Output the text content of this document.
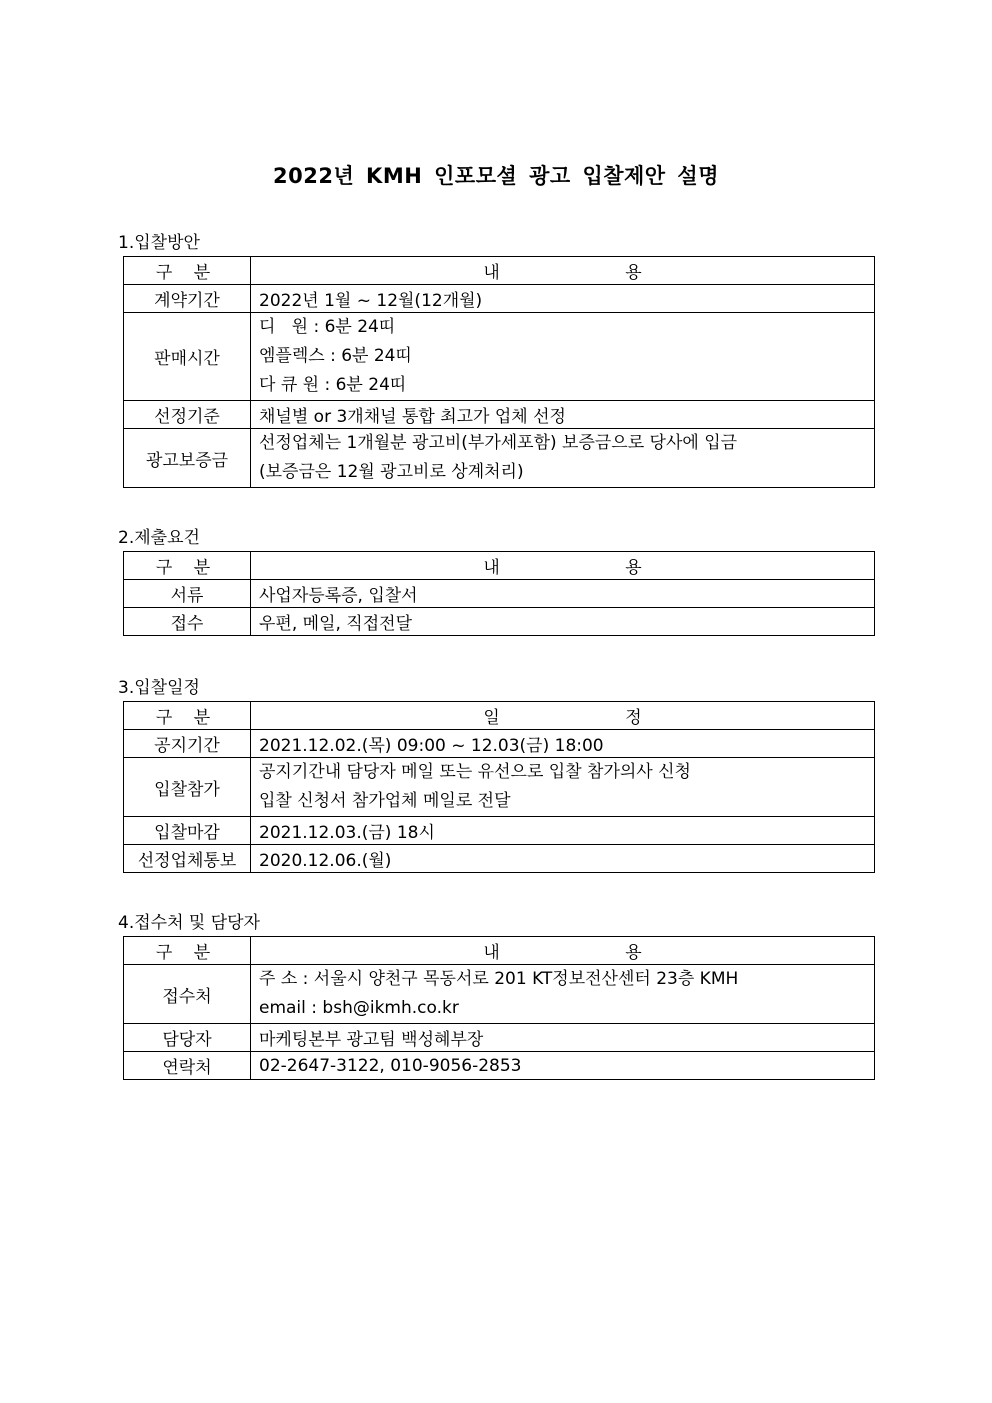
2022년 KMH 인포모셜 광고 입찰제안 설명
1.입찰방안
구 분	내 용
계약기간	2022년 1월 ~ 12월(12개월)
판매시간	디   원 : 6분 24띠
엠플렉스 : 6분 24띠
다 큐 원 : 6분 24띠

선정기준	채널별 or 3개채널 통합 최고가 업체 선정
광고보증금	선정업체는 1개월분 광고비(부가세포함) 보증금으로 당사에 입금
(보증금은 12월 광고비로 상계처리)
2.제출요건
구 분	내 용
서류	사업자등록증, 입찰서
접수	우편, 메일, 직접전달
3.입찰일정
구 분	일 정
공지기간	2021.12.02.(목) 09:00 ~ 12.03(금) 18:00
입찰참가	공지기간내 담당자 메일 또는 유선으로 입찰 참가의사 신청
입찰 신청서 참가업체 메일로 전달

입찰마감	2021.12.03.(금) 18시
선정업체통보	2020.12.06.(월)
4.접수처 및 담당자
구 분	내 용
접수처	주 소 : 서울시 양천구 목동서로 201 KT정보전산센터 23층 KMH
email : bsh@ikmh.co.kr

담당자	마케팅본부 광고팀 백성혜부장
연락처	02-2647-3122, 010-9056-2853
